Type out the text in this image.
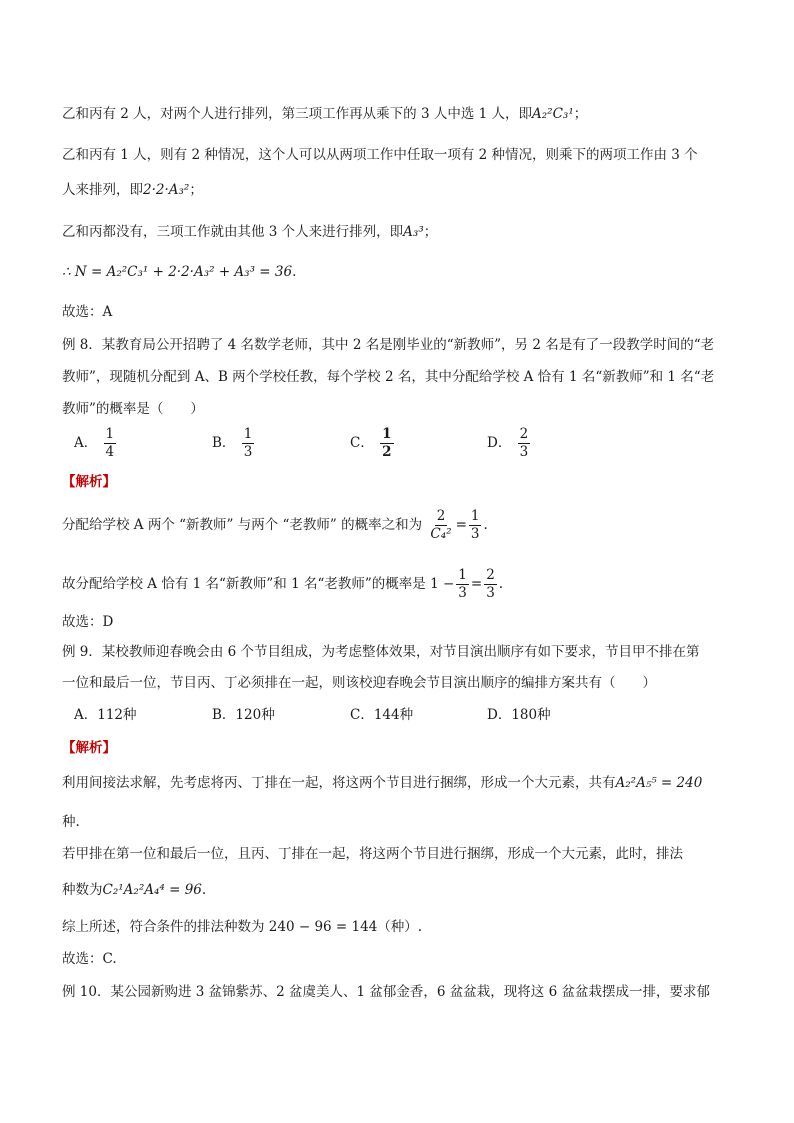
乙和丙有 2 人，对两个人进行排列，第三项工作再从乘下的 3 人中选 1 人，即A₂²C₃¹；
乙和丙有 1 人，则有 2 种情况，这个人可以从两项工作中任取一项有 2 种情况，则乘下的两项工作由 3 个
人来排列，即2·2·A₃²；
乙和丙都没有，三项工作就由其他 3 个人来进行排列，即A₃³；
∴ N = A₂²C₃¹ + 2·2·A₃² + A₃³ = 36.
故选：A
例 8．某教育局公开招聘了 4 名数学老师，其中 2 名是刚毕业的“新教师”，另 2 名是有了一段教学时间的“老
教师”，现随机分配到 A、B 两个学校任教，每个学校 2 名，其中分配给学校 A 恰有 1 名“新教师”和 1 名“老
教师”的概率是（　　）
A． $\frac{1}{4}$	B． $\frac{1}{3}$	C． $\frac{1}{2}$	D． $\frac{2}{3}$
【解析】
分配给学校 A 两个 “新教师” 与两个 “老教师” 的概率之和为 $\frac{2}{\text{C₄²}} = \frac{1}{3}$ .
故分配给学校 A 恰有 1 名“新教师”和 1 名“老教师”的概率是 $1 - \frac{1}{3} = \frac{2}{3}$ .
故选：D
例 9．某校教师迎春晚会由 6 个节目组成，为考虑整体效果，对节目演出顺序有如下要求，节目甲不排在第
一位和最后一位，节目丙、丁必须排在一起，则该校迎春晚会节目演出顺序的编排方案共有（　　）
A．112种	B．120种	C．144种	D．180种
【解析】
利用间接法求解，先考虑将丙、丁排在一起，将这两个节目进行捆绑，形成一个大元素，共有A₂²A₅⁵ = 240
种.
若甲排在第一位和最后一位，且丙、丁排在一起，将这两个节目进行捆绑，形成一个大元素，此时，排法
种数为C₂¹A₂²A₄⁴ = 96.
综上所述，符合条件的排法种数为 240 − 96 = 144（种）.
故选：C.
例 10．某公园新购进 3 盆锦紫苏、2 盆虞美人、1 盆郁金香，6 盆盆栽，现将这 6 盆盆栽摆成一排，要求郁
